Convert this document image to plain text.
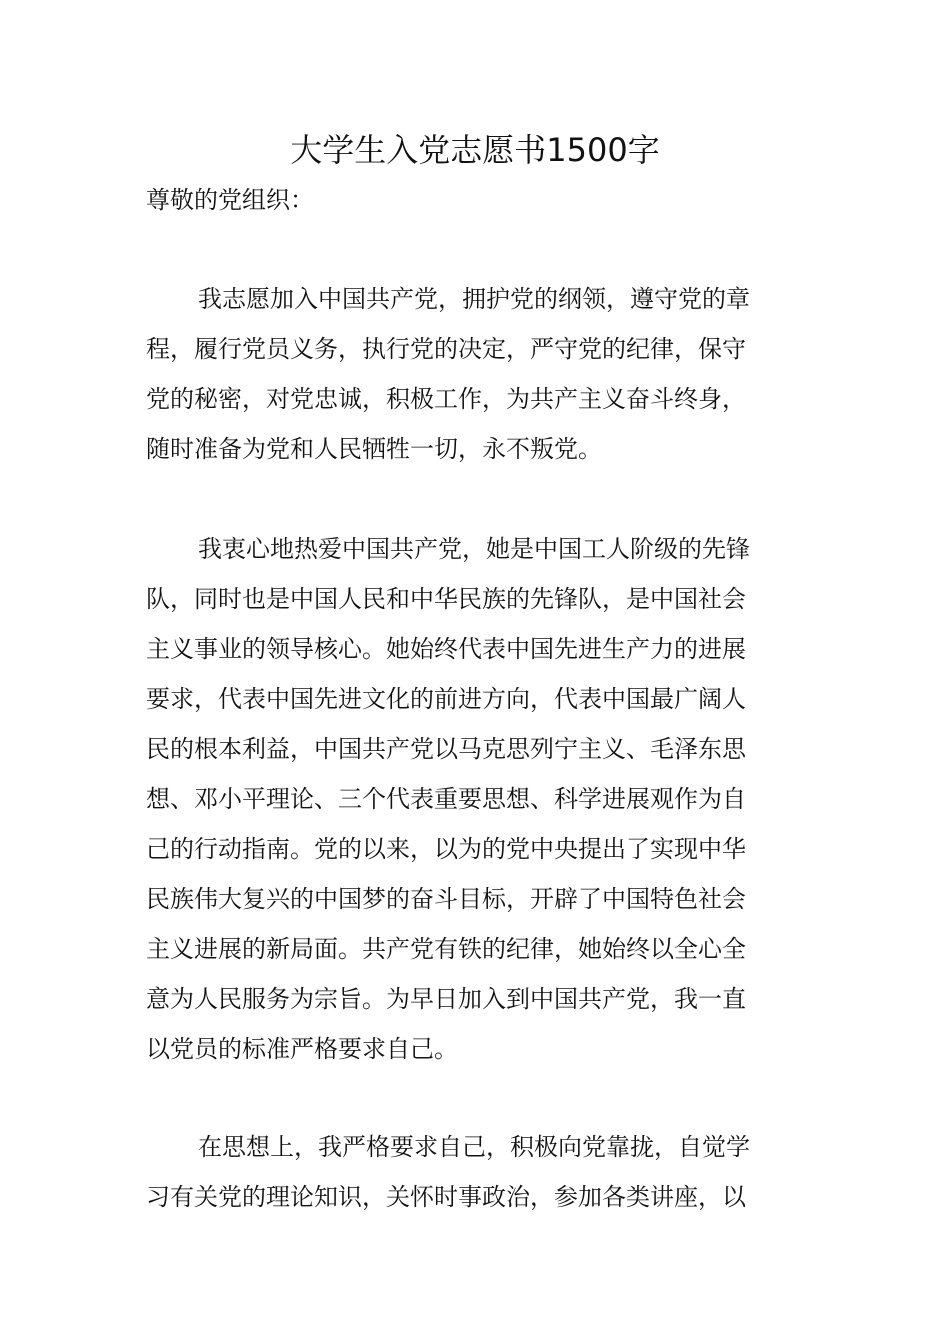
大学生入党志愿书1500字

尊敬的党组织：

我志愿加入中国共产党，拥护党的纲领，遵守党的章
程，履行党员义务，执行党的决定，严守党的纪律，保守
党的秘密，对党忠诚，积极工作，为共产主义奋斗终身，
随时准备为党和人民牺牲一切，永不叛党。
我衷心地热爱中国共产党，她是中国工人阶级的先锋
队，同时也是中国人民和中华民族的先锋队，是中国社会
主义事业的领导核心。她始终代表中国先进生产力的进展
要求，代表中国先进文化的前进方向，代表中国最广阔人
民的根本利益，中国共产党以马克思列宁主义、毛泽东思
想、邓小平理论、三个代表重要思想、科学进展观作为自
己的行动指南。党的以来，以为的党中央提出了实现中华
民族伟大复兴的中国梦的奋斗目标，开辟了中国特色社会
主义进展的新局面。共产党有铁的纪律，她始终以全心全
意为人民服务为宗旨。为早日加入到中国共产党，我一直
以党员的标准严格要求自己。
在思想上，我严格要求自己，积极向党靠拢，自觉学
习有关党的理论知识，关怀时事政治，参加各类讲座，以
